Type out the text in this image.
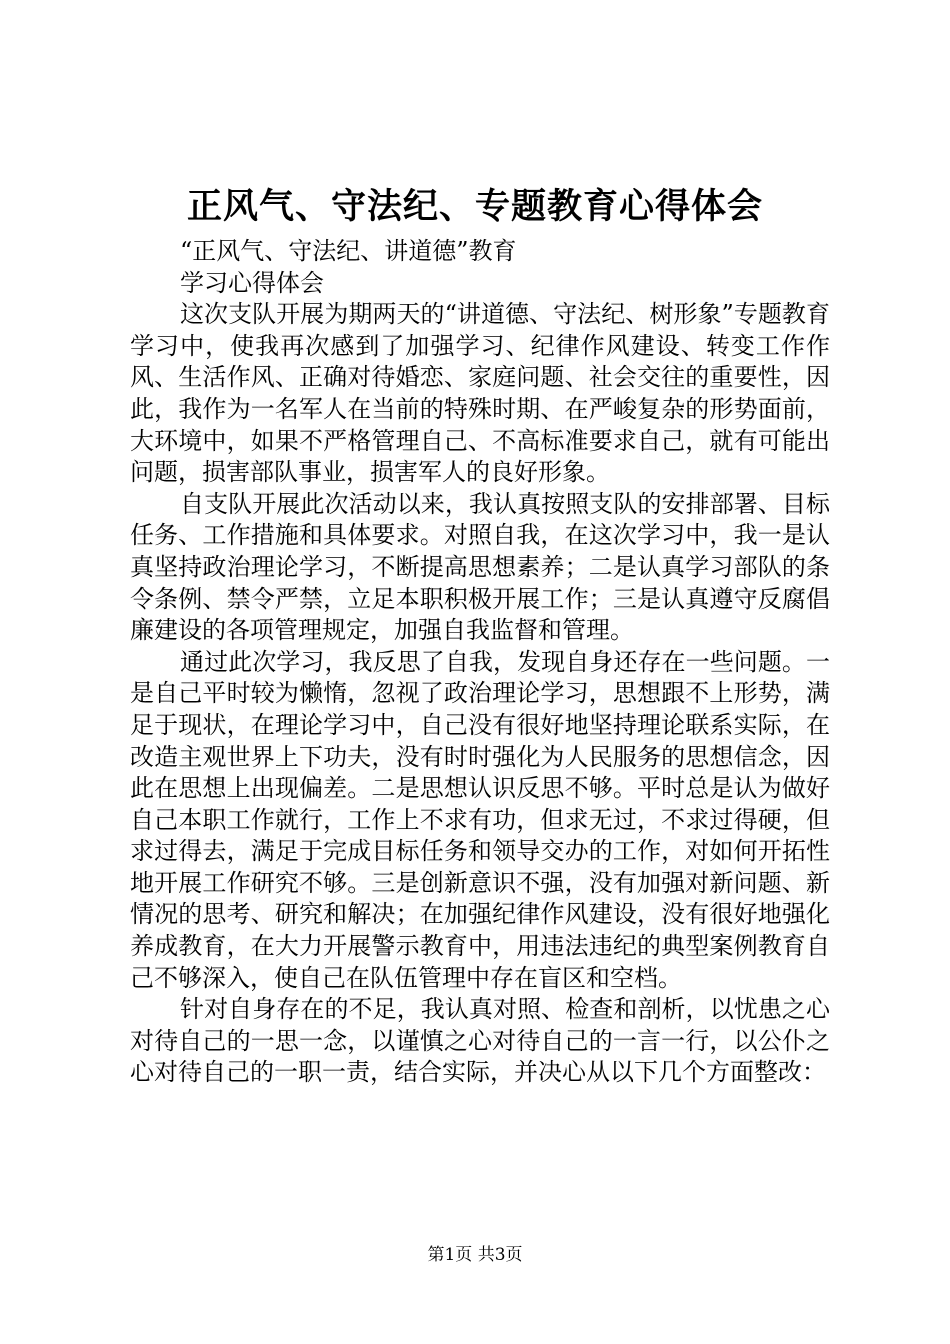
正风气、守法纪、专题教育心得体会

“正风气、守法纪、讲道德”教育

学习心得体会

这次支队开展为期两天的“讲道德、守法纪、树形象”专题教育学习中，使我再次感到了加强学习、纪律作风建设、转变工作作风、生活作风、正确对待婚恋、家庭问题、社会交往的重要性，因此，我作为一名军人在当前的特殊时期、在严峻复杂的形势面前，大环境中，如果不严格管理自己、不高标准要求自己，就有可能出问题，损害部队事业，损害军人的良好形象。

自支队开展此次活动以来，我认真按照支队的安排部署、目标任务、工作措施和具体要求。对照自我，在这次学习中，我一是认真坚持政治理论学习，不断提高思想素养；二是认真学习部队的条令条例、禁令严禁，立足本职积极开展工作；三是认真遵守反腐倡廉建设的各项管理规定，加强自我监督和管理。

通过此次学习，我反思了自我，发现自身还存在一些问题。一是自己平时较为懒惰，忽视了政治理论学习，思想跟不上形势，满足于现状，在理论学习中，自己没有很好地坚持理论联系实际，在改造主观世界上下功夫，没有时时强化为人民服务的思想信念，因此在思想上出现偏差。二是思想认识反思不够。平时总是认为做好自己本职工作就行，工作上不求有功，但求无过，不求过得硬，但求过得去，满足于完成目标任务和领导交办的工作，对如何开拓性地开展工作研究不够。三是创新意识不强，没有加强对新问题、新情况的思考、研究和解决；在加强纪律作风建设，没有很好地强化养成教育，在大力开展警示教育中，用违法违纪的典型案例教育自己不够深入，使自己在队伍管理中存在盲区和空档。

针对自身存在的不足，我认真对照、检查和剖析，以忧患之心对待自己的一思一念，以谨慎之心对待自己的一言一行，以公仆之心对待自己的一职一责，结合实际，并决心从以下几个方面整改：

第1页 共3页
